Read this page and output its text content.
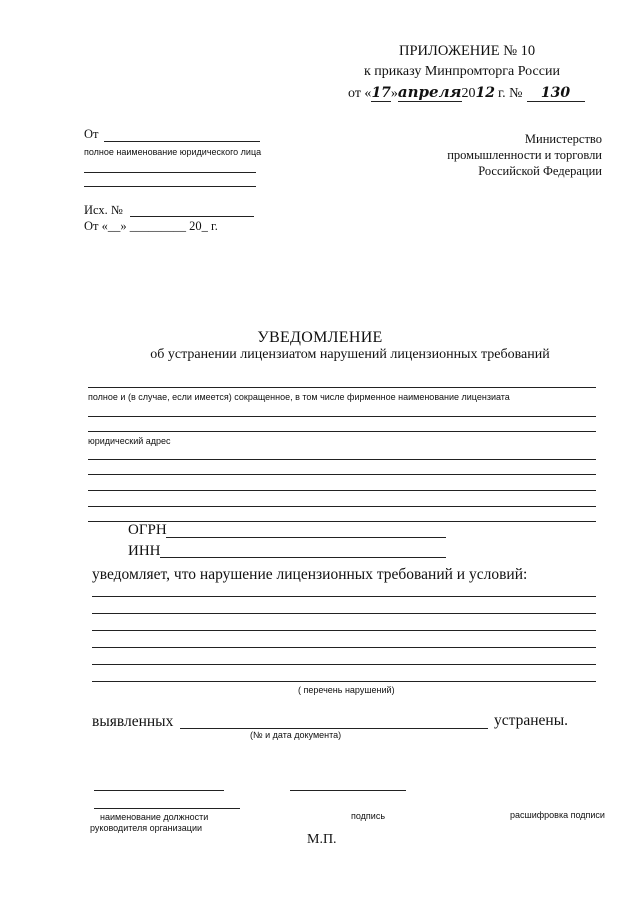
ПРИЛОЖЕНИЕ № 10
к приказу Минпромторга России
от «17»апреля2012 г. № 130
От
полное наименование юридического лица
Исх. №
От «__» _________ 20_ г.
Министерство
промышленности и торговли
Российской Федерации
УВЕДОМЛЕНИЕ
об устранении лицензиатом нарушений лицензионных требований
полное и (в случае, если имеется) сокращенное, в том числе фирменное наименование лицензиата
юридический адрес
ОГРН
ИНН
уведомляет, что нарушение лицензионных требований и условий:
( перечень нарушений)
выявленных	устранены.
(№ и дата документа)
наименование должности
руководителя организации
подпись	расшифровка подписи
М.П.
